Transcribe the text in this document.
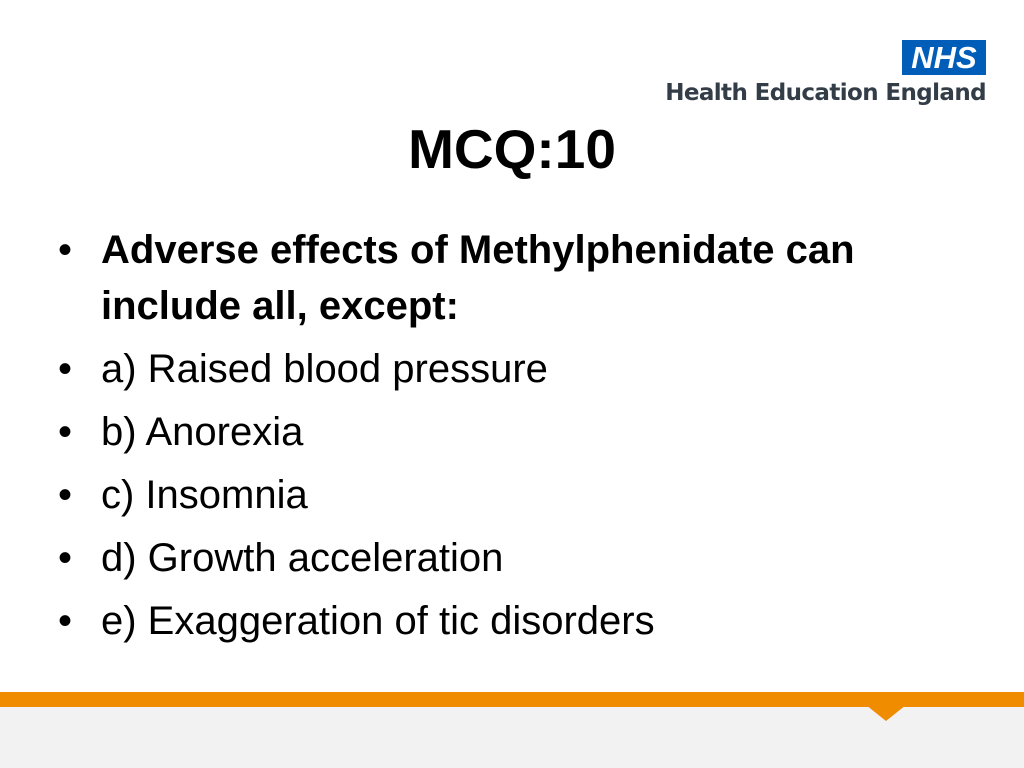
NHS
Health Education England
MCQ:10
• Adverse effects of Methylphenidate can include all, except:
• a) Raised blood pressure
• b) Anorexia
• c) Insomnia
• d) Growth acceleration
• e) Exaggeration of tic disorders
